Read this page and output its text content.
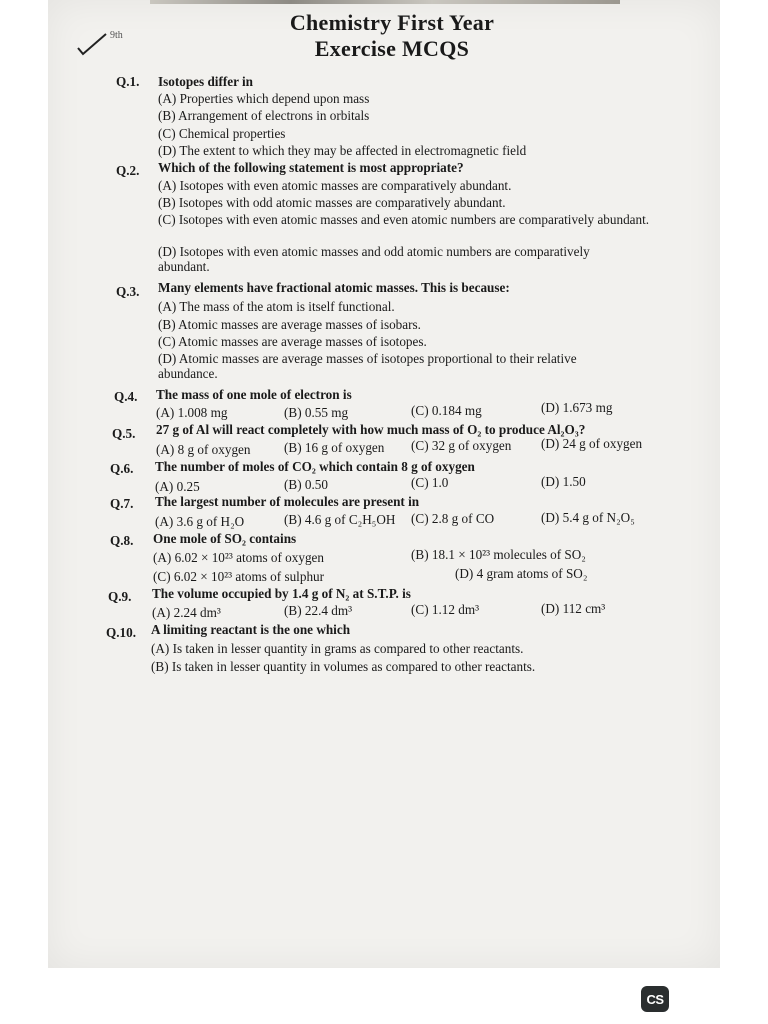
9th
Chemistry First Year
Exercise MCQS
Q.1. Isotopes differ in
(A) Properties which depend upon mass
(B) Arrangement of electrons in orbitals
(C) Chemical properties
(D) The extent to which they may be affected in electromagnetic field
Q.2. Which of the following statement is most appropriate?
(A) Isotopes with even atomic masses are comparatively abundant.
(B) Isotopes with odd atomic masses are comparatively abundant.
(C) Isotopes with even atomic masses and even atomic numbers are comparatively abundant.
(D) Isotopes with even atomic masses and odd atomic numbers are comparatively abundant.
Q.3. Many elements have fractional atomic masses. This is because:
(A) The mass of the atom is itself functional.
(B) Atomic masses are average masses of isobars.
(C) Atomic masses are average masses of isotopes.
(D) Atomic masses are average masses of isotopes proportional to their relative abundance.
Q.4. The mass of one mole of electron is
(A) 1.008 mg	(B) 0.55 mg	(C) 0.184 mg	(D) 1.673 mg
Q.5. 27 g of Al will react completely with how much mass of O₂ to produce Al₂O₃?
(A) 8 g of oxygen	(B) 16 g of oxygen (C) 32 g of oxygen (D) 24 g of oxygen
Q.6. The number of moles of CO₂ which contain 8 g of oxygen
(A) 0.25	(B) 0.50	(C) 1.0	(D) 1.50
Q.7. The largest number of molecules are present in
(A) 3.6 g of H₂O	(B) 4.6 g of C₂H₅OH (C) 2.8 g of CO	(D) 5.4 g of N₂O₅
Q.8. One mole of SO₂ contains
(A) 6.02 × 10²³ atoms of oxygen	(B) 18.1 × 10²³ molecules of SO₂
(C) 6.02 × 10²³ atoms of sulphur	(D) 4 gram atoms of SO₂
Q.9. The volume occupied by 1.4 g of N₂ at S.T.P. is
(A) 2.24 dm³	(B) 22.4 dm³	(C) 1.12 dm³	(D) 112 cm³
Q.10. A limiting reactant is the one which
(A) Is taken in lesser quantity in grams as compared to other reactants.
(B) Is taken in lesser quantity in volumes as compared to other reactants.
CS
